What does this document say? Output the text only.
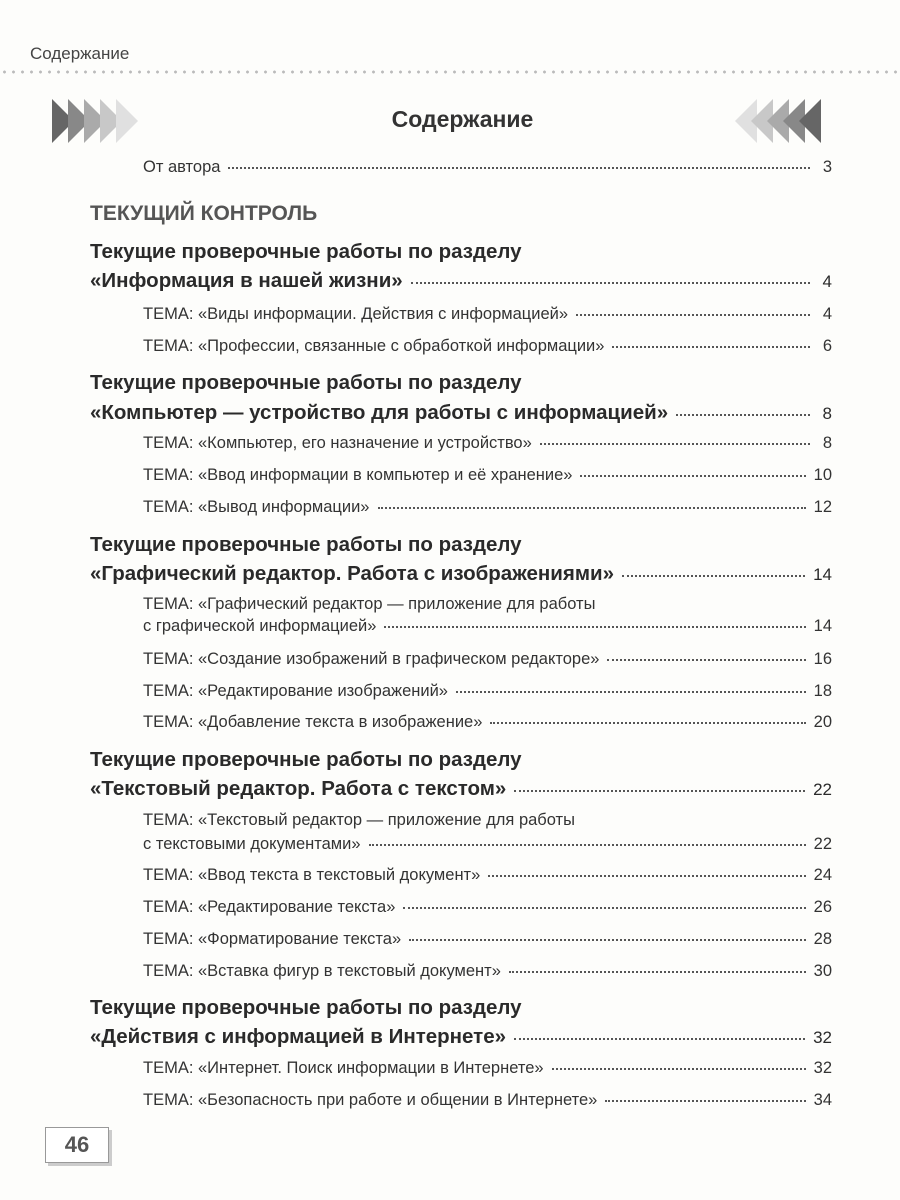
Содержание
Содержание
От автора	3
ТЕКУЩИЙ КОНТРОЛЬ
Текущие проверочные работы по разделу
«Информация в нашей жизни»	4
ТЕМА: «Виды информации. Действия с информацией»	4
ТЕМА: «Профессии, связанные с обработкой информации»	6
Текущие проверочные работы по разделу
«Компьютер — устройство для работы с информацией»	8
ТЕМА: «Компьютер, его назначение и устройство»	8
ТЕМА: «Ввод информации в компьютер и её хранение»	10
ТЕМА: «Вывод информации»	12
Текущие проверочные работы по разделу
«Графический редактор. Работа с изображениями»	14
ТЕМА: «Графический редактор — приложение для работы
с графической информацией»	14
ТЕМА: «Создание изображений в графическом редакторе»	16
ТЕМА: «Редактирование изображений»	18
ТЕМА: «Добавление текста в изображение»	20
Текущие проверочные работы по разделу
«Текстовый редактор. Работа с текстом»	22
ТЕМА: «Текстовый редактор — приложение для работы
с текстовыми документами»	22
ТЕМА: «Ввод текста в текстовый документ»	24
ТЕМА: «Редактирование текста»	26
ТЕМА: «Форматирование текста»	28
ТЕМА: «Вставка фигур в текстовый документ»	30
Текущие проверочные работы по разделу
«Действия с информацией в Интернете»	32
ТЕМА: «Интернет. Поиск информации в Интернете»	32
ТЕМА: «Безопасность при работе и общении в Интернете»	34
46
